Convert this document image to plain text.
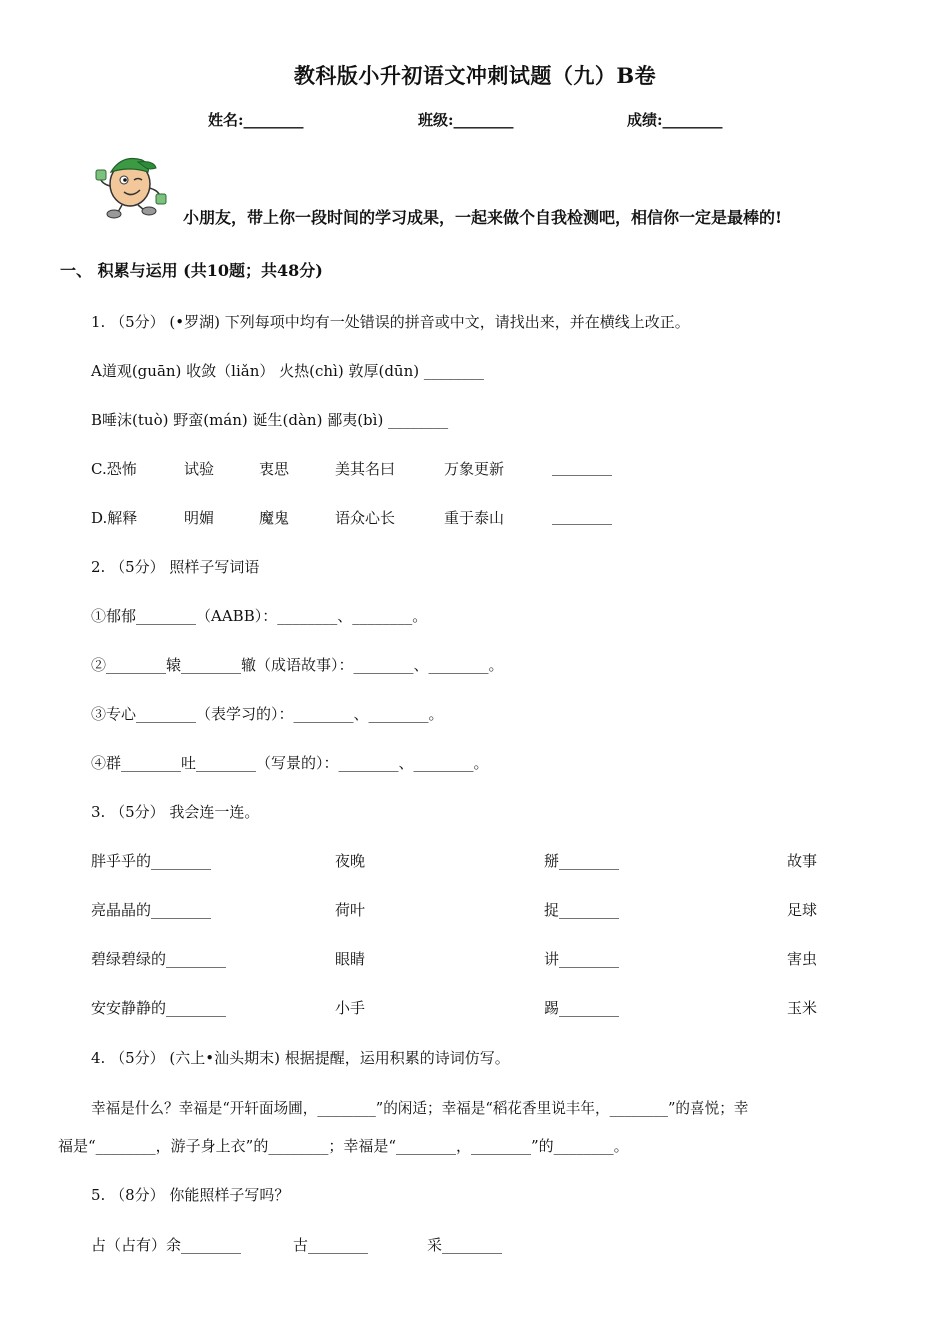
教科版小升初语文冲刺试题（九）B卷
姓名:________	班级:________	成绩:________
小朋友，带上你一段时间的学习成果，一起来做个自我检测吧，相信你一定是最棒的!
一、 积累与运用 (共10题；共48分)
1. （5分） (•罗湖) 下列每项中均有一处错误的拼音或中文，请找出来，并在横线上改正。
A道观(guān) 收敛（liǎn） 火热(chì) 敦厚(dūn) ________
B唾沫(tuò) 野蛮(mán) 诞生(dàn) 鄙夷(bì) ________
C.恐怖	试验	衷思	美其名曰	万象更新	________
D.解释	明媚	魔鬼	语众心长	重于泰山	________
2. （5分） 照样子写词语
①郁郁________（AABB）：________、________。
②________辕________辙（成语故事）：________、________。
③专心________（表学习的）：________、________。
④群________吐________（写景的）：________、________。
3. （5分） 我会连一连。
胖乎乎的________	夜晚	掰________	故事
亮晶晶的________	荷叶	捉________	足球
碧绿碧绿的________	眼睛	讲________	害虫
安安静静的________	小手	踢________	玉米
4. （5分） (六上•汕头期末) 根据提醒，运用积累的诗词仿写。
幸福是什么？幸福是“开轩面场圃，________”的闲适；幸福是“稻花香里说丰年，________”的喜悦；幸
福是“________，游子身上衣”的________；幸福是“________，________”的________。
5. （8分） 你能照样子写吗？
占（占有）余________	古________	采________
